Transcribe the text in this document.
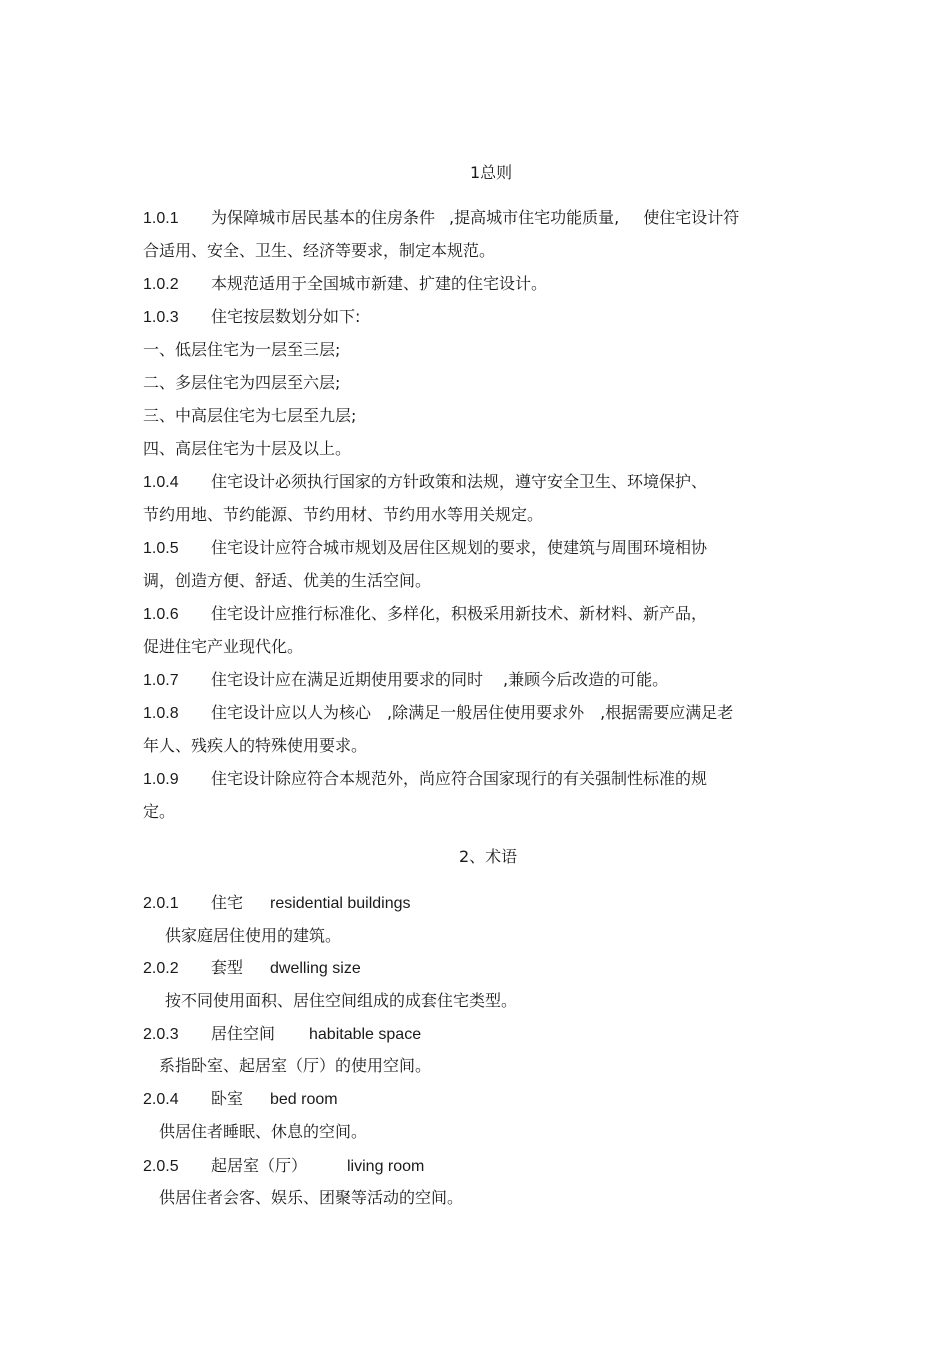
1总则
1.0.1 为保障城市居民基本的住房条件 ,提高城市住宅功能质量, 使住宅设计符
合适用、安全、卫生、经济等要求，制定本规范。
1.0.2 本规范适用于全国城市新建、扩建的住宅设计。
1.0.3 住宅按层数划分如下:
一、低层住宅为一层至三层;
二、多层住宅为四层至六层;
三、中高层住宅为七层至九层;
四、高层住宅为十层及以上。
1.0.4 住宅设计必须执行国家的方针政策和法规，遵守安全卫生、环境保护、
节约用地、节约能源、节约用材、节约用水等用关规定。
1.0.5 住宅设计应符合城市规划及居住区规划的要求，使建筑与周围环境相协
调，创造方便、舒适、优美的生活空间。
1.0.6 住宅设计应推行标准化、多样化，积极采用新技术、新材料、新产品，
促进住宅产业现代化。
1.0.7 住宅设计应在满足近期使用要求的同时 ,兼顾今后改造的可能。
1.0.8 住宅设计应以人为核心 ,除满足一般居住使用要求外 ,根据需要应满足老
年人、残疾人的特殊使用要求。
1.0.9 住宅设计除应符合本规范外，尚应符合国家现行的有关强制性标准的规
定。
2、术语
2.0.1 住宅 residential buildings
供家庭居住使用的建筑。
2.0.2 套型 dwelling size
按不同使用面积、居住空间组成的成套住宅类型。
2.0.3 居住空间 habitable space
系指卧室、起居室（厅）的使用空间。
2.0.4 卧室 bed room
供居住者睡眠、休息的空间。
2.0.5 起居室（厅） living room
供居住者会客、娱乐、团聚等活动的空间。
